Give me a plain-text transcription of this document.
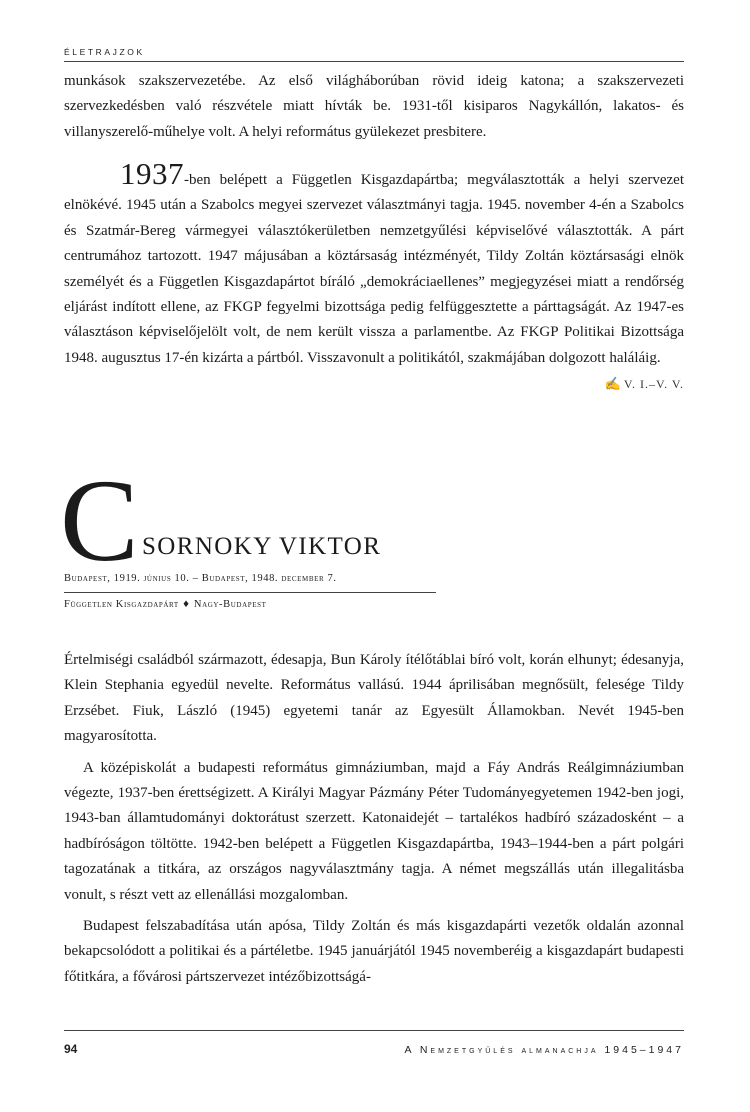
ÉLETRAJZOK

munkások szakszervezetébe. Az első világháborúban rövid ideig katona; a szakszervezeti szervezkedésben való részvétele miatt hívták be. 1931-től kisiparos Nagykállón, lakatos- és villanyszerelő-műhelye volt. A helyi református gyülekezet presbitere.

1937-ben belépett a Független Kisgazdapártba; megválasztották a helyi szervezet elnökévé. 1945 után a Szabolcs megyei szervezet választmányi tagja. 1945. november 4-én a Szabolcs és Szatmár-Bereg vármegyei választókerületben nemzetgyűlési képviselővé választották. A párt centrumához tartozott. 1947 májusában a köztársaság intézményét, Tildy Zoltán köztársasági elnök személyét és a Független Kisgazdapártot bíráló „demokráciaellenes” megjegyzései miatt a rendőrség eljárást indított ellene, az FKGP fegyelmi bizottsága pedig felfüggesztette a párttagságát. Az 1947-es választáson képviselőjelölt volt, de nem került vissza a parlamentbe. Az FKGP Politikai Bizottsága 1948. augusztus 17-én kizárta a pártból. Visszavonult a politikától, szakmájában dolgozott haláláig.
✍ V. I.–V. V.

C SORNOKY VIKTOR
Budapest, 1919. június 10. – Budapest, 1948. december 7.
Független Kisgazdapárt ♦ Nagy-Budapest

Értelmiségi családból származott, édesapja, Bun Károly ítélőtáblai bíró volt, korán elhunyt; édesanyja, Klein Stephania egyedül nevelte. Református vallású. 1944 áprilisában megnősült, felesége Tildy Erzsébet. Fiuk, László (1945) egyetemi tanár az Egyesült Államokban. Nevét 1945-ben magyarosította.

A középiskolát a budapesti református gimnáziumban, majd a Fáy András Reálgimnáziumban végezte, 1937-ben érettségizett. A Királyi Magyar Pázmány Péter Tudományegyetemen 1942-ben jogi, 1943-ban államtudományi doktorátust szerzett. Katonaidejét – tartalékos hadbíró századosként – a hadbíróságon töltötte. 1942-ben belépett a Független Kisgazdapártba, 1943–1944-ben a párt polgári tagozatának a titkára, az országos nagyválasztmány tagja. A német megszállás után illegalitásba vonult, s részt vett az ellenállási mozgalomban.

Budapest felszabadítása után apósa, Tildy Zoltán és más kisgazdapárti vezetők oldalán azonnal bekapcsolódott a politikai és a pártéletbe. 1945 januárjától 1945 novemberéig a kisgazdapárt budapesti főtitkára, a fővárosi pártszervezet intézőbizottságá-

94	A Nemzetgyűlés almanachja 1945–1947
